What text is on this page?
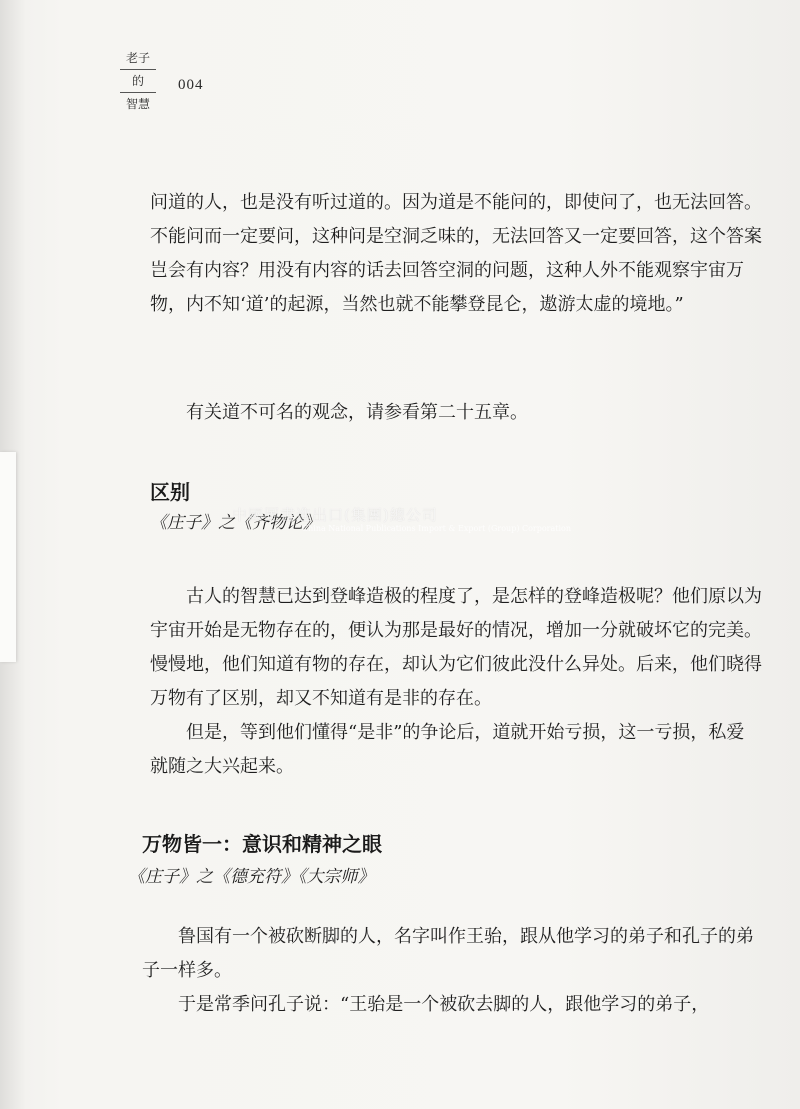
老子
的
智慧
004

问道的人，也是没有听过道的。因为道是不能问的，即使问了，也无法回答。不能问而一定要问，这种问是空洞乏味的，无法回答又一定要回答，这个答案岂会有内容？用没有内容的话去回答空洞的问题，这种人外不能观察宇宙万物，内不知‘道’的起源，当然也就不能攀登昆仑，遨游太虚的境地。”

有关道不可名的观念，请参看第二十五章。

区别
《庄子》之《齐物论》
中國圖書進出口(集團)總公司
China National Publications Import & Export (Group) Corporation

古人的智慧已达到登峰造极的程度了，是怎样的登峰造极呢？他们原以为宇宙开始是无物存在的，便认为那是最好的情况，增加一分就破坏它的完美。慢慢地，他们知道有物的存在，却认为它们彼此没什么异处。后来，他们晓得万物有了区别，却又不知道有是非的存在。

但是，等到他们懂得“是非”的争论后，道就开始亏损，这一亏损，私爱就随之大兴起来。

万物皆一：意识和精神之眼
《庄子》之《德充符》《大宗师》

鲁国有一个被砍断脚的人，名字叫作王骀，跟从他学习的弟子和孔子的弟子一样多。

于是常季问孔子说：“王骀是一个被砍去脚的人，跟他学习的弟子，
